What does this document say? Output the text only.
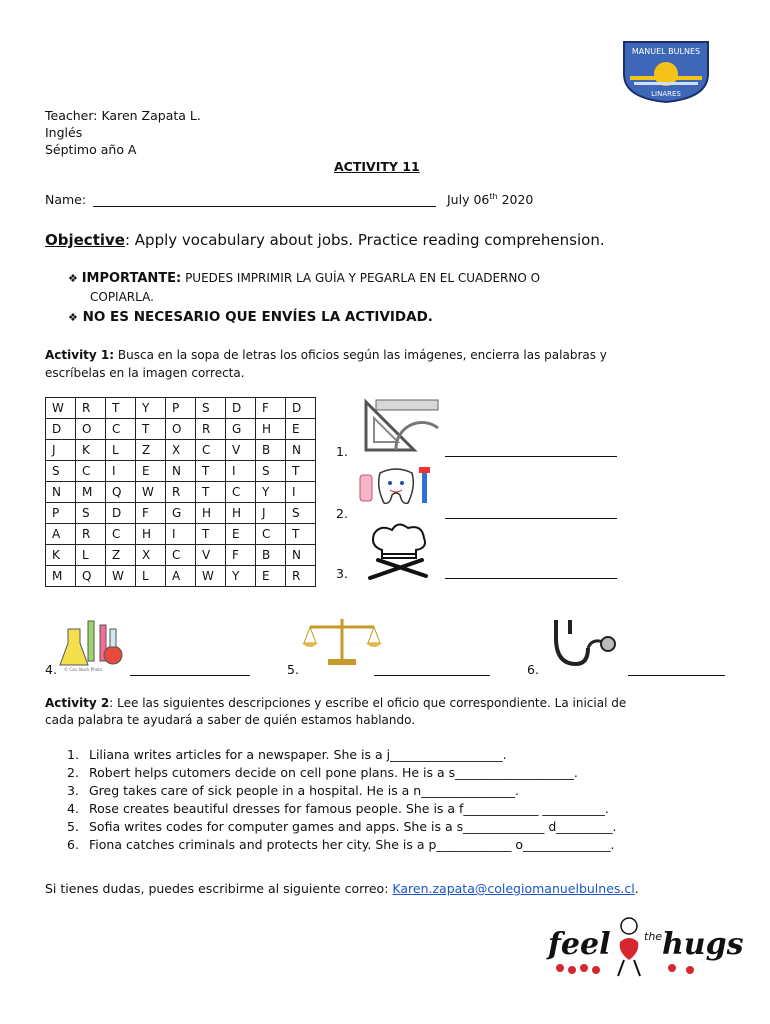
MANUEL BULNES
LINARES
Teacher: Karen Zapata L.
Inglés
Séptimo año A
ACTIVITY 11
Name:	July 06th 2020
Objective: Apply vocabulary about jobs. Practice reading comprehension.
❖ IMPORTANTE: PUEDES IMPRIMIR LA GUÍA Y PEGARLA EN EL CUADERNO O
COPIARLA.
❖ NO ES NECESARIO QUE ENVÍES LA ACTIVIDAD.
Activity 1: Busca en la sopa de letras los oficios según las imágenes, encierra las palabras y
escríbelas en la imagen correcta.
W	R	T	Y	P	S	D	F	D
D	O	C	T	O	R	G	H	E
J	K	L	Z	X	C	V	B	N
S	C	I	E	N	T	I	S	T
N	M	Q	W	R	T	C	Y	I
P	S	D	F	G	H	H	J	S
A	R	C	H	I	T	E	C	T
K	L	Z	X	C	V	F	B	N
M	Q	W	L	A	W	Y	E	R
1.
2.
3.
© Can Stock Photo
4.	5.	6.
Activity 2: Lee las siguientes descripciones y escribe el oficio que correspondiente. La inicial de
cada palabra te ayudará a saber de quién estamos hablando.
1. Liliana writes articles for a newspaper. She is a j__________________.
2. Robert helps cutomers decide on cell pone plans. He is a s___________________.
3. Greg takes care of sick people in a hospital. He is a n_______________.
4. Rose creates beautiful dresses for famous people. She is a f____________ __________.
5. Sofia writes codes for computer games and apps. She is a s_____________ d_________.
6. Fiona catches criminals and protects her city. She is a p____________ o______________.
Si tienes dudas, puedes escribirme al siguiente correo: Karen.zapata@colegiomanuelbulnes.cl.
feel	the hugs
